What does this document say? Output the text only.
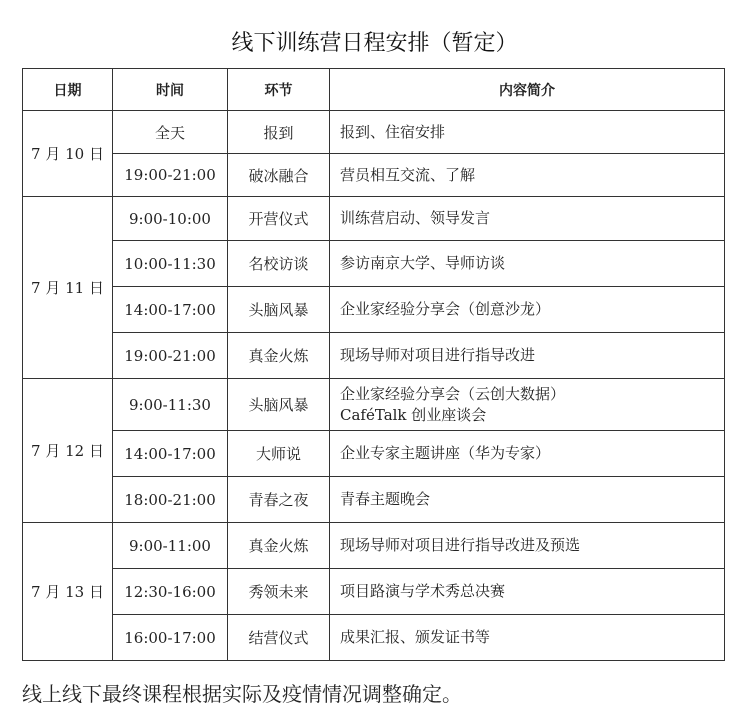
线下训练营日程安排（暂定）
日期	时间	环节	内容简介
7 月 10 日	全天	报到	报到、住宿安排
	19:00-21:00	破冰融合	营员相互交流、了解
7 月 11 日	9:00-10:00	开营仪式	训练营启动、领导发言
	10:00-11:30	名校访谈	参访南京大学、导师访谈
	14:00-17:00	头脑风暴	企业家经验分享会（创意沙龙）
	19:00-21:00	真金火炼	现场导师对项目进行指导改进
7 月 12 日	9:00-11:30	头脑风暴	企业家经验分享会（云创大数据）
CaféTalk 创业座谈会

	14:00-17:00	大师说	企业专家主题讲座（华为专家）
	18:00-21:00	青春之夜	青春主题晚会
7 月 13 日	9:00-11:00	真金火炼	现场导师对项目进行指导改进及预选
	12:30-16:00	秀领未来	项目路演与学术秀总决赛
	16:00-17:00	结营仪式	成果汇报、颁发证书等
线上线下最终课程根据实际及疫情情况调整确定。
